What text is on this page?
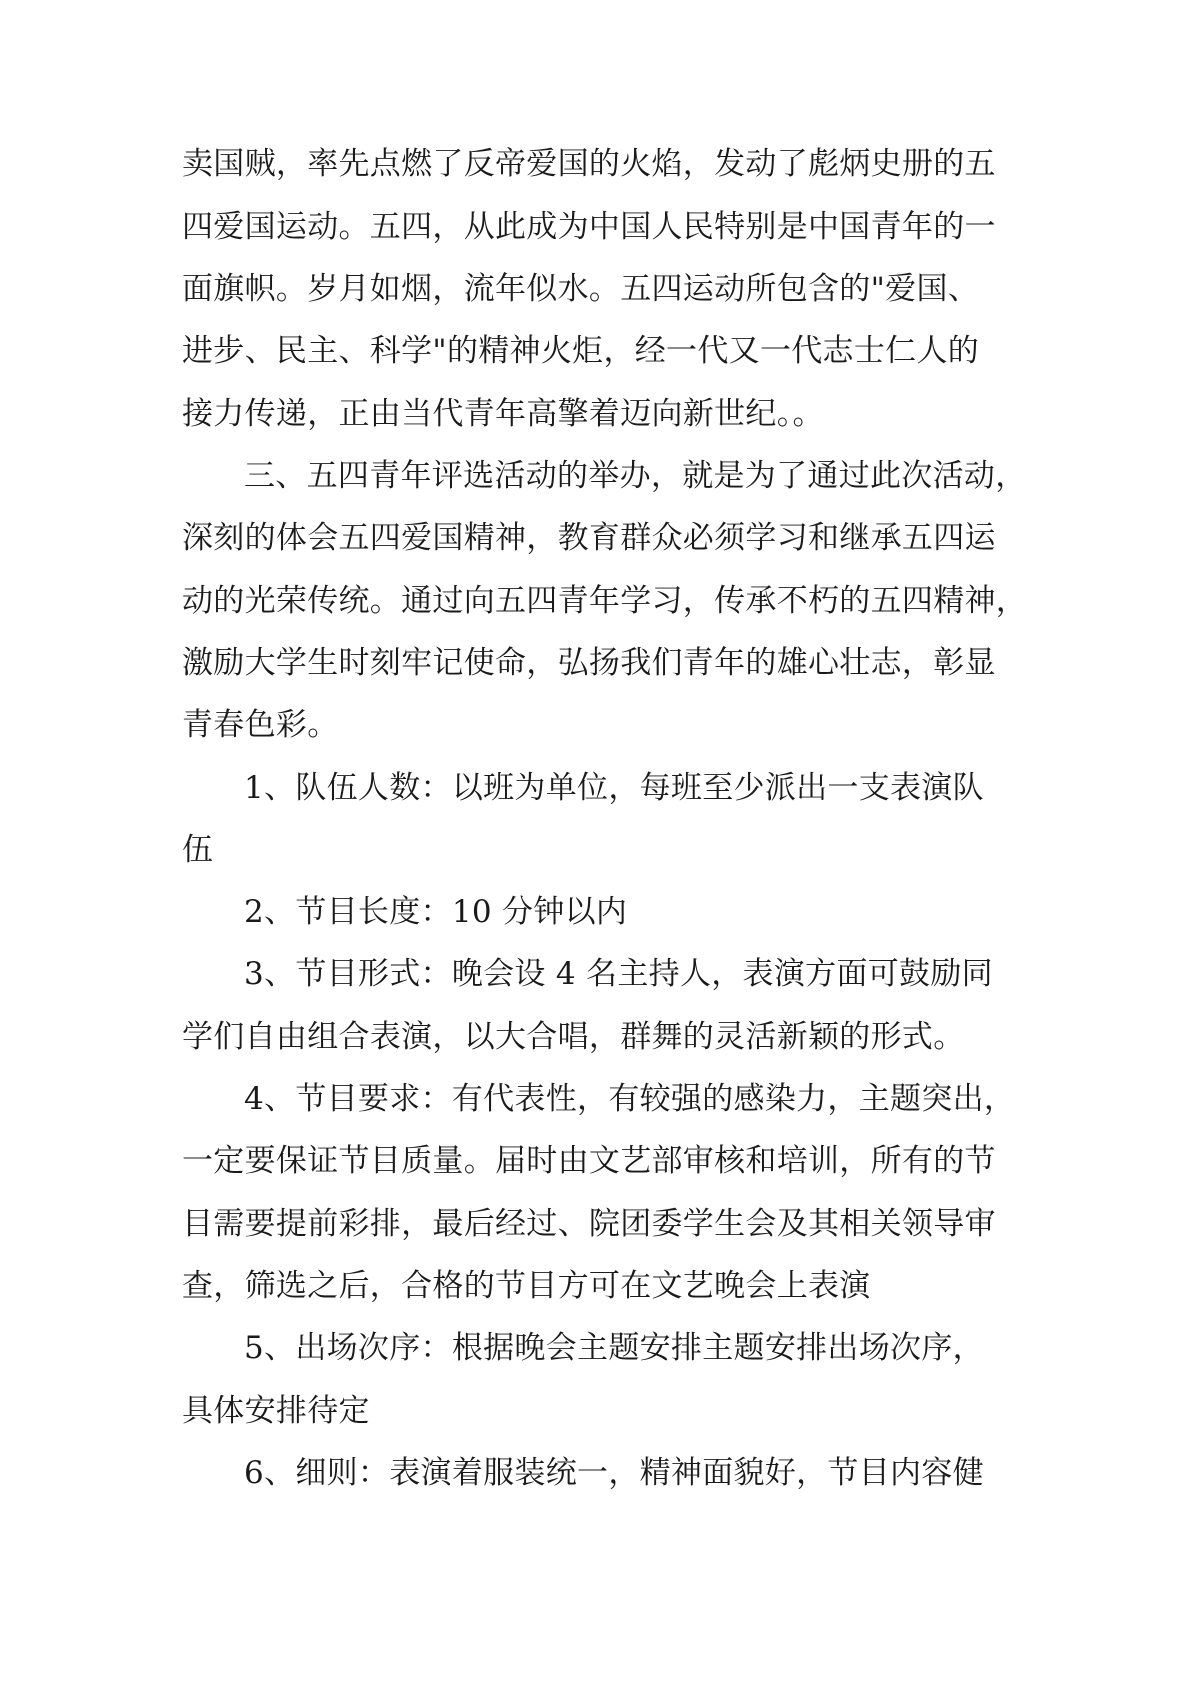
卖国贼，率先点燃了反帝爱国的火焰，发动了彪炳史册的五

四爱国运动。五四，从此成为中国人民特别是中国青年的一

面旗帜。岁月如烟，流年似水。五四运动所包含的"爱国、

进步、民主、科学"的精神火炬，经一代又一代志士仁人的

接力传递，正由当代青年高擎着迈向新世纪。。

三、五四青年评选活动的举办，就是为了通过此次活动，

深刻的体会五四爱国精神，教育群众必须学习和继承五四运

动的光荣传统。通过向五四青年学习，传承不朽的五四精神，

激励大学生时刻牢记使命，弘扬我们青年的雄心壮志，彰显

青春色彩。

1、队伍人数：以班为单位，每班至少派出一支表演队

伍

2、节目长度：10 分钟以内

3、节目形式：晚会设 4 名主持人，表演方面可鼓励同

学们自由组合表演，以大合唱，群舞的灵活新颖的形式。

4、节目要求：有代表性，有较强的感染力，主题突出，

一定要保证节目质量。届时由文艺部审核和培训，所有的节

目需要提前彩排，最后经过、院团委学生会及其相关领导审

查，筛选之后，合格的节目方可在文艺晚会上表演

5、出场次序：根据晚会主题安排主题安排出场次序，

具体安排待定

6、细则：表演着服装统一，精神面貌好，节目内容健
